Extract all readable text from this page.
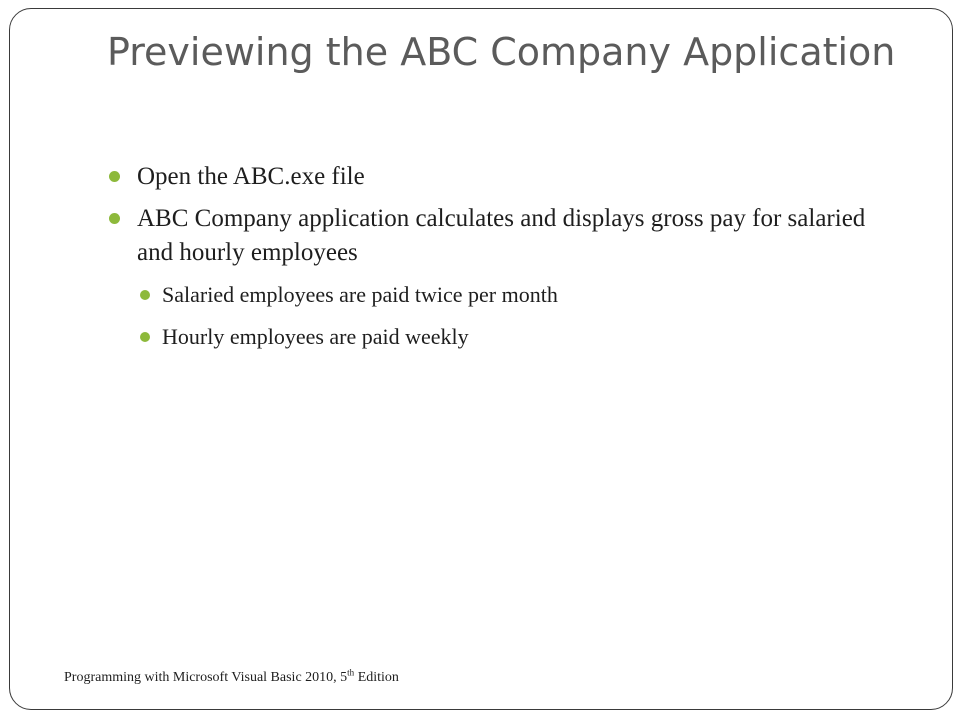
Previewing the ABC Company Application
Open the ABC.exe file
ABC Company application calculates and displays gross pay for salaried and hourly employees
Salaried employees are paid twice per month
Hourly employees are paid weekly
Programming with Microsoft Visual Basic 2010, 5th Edition
